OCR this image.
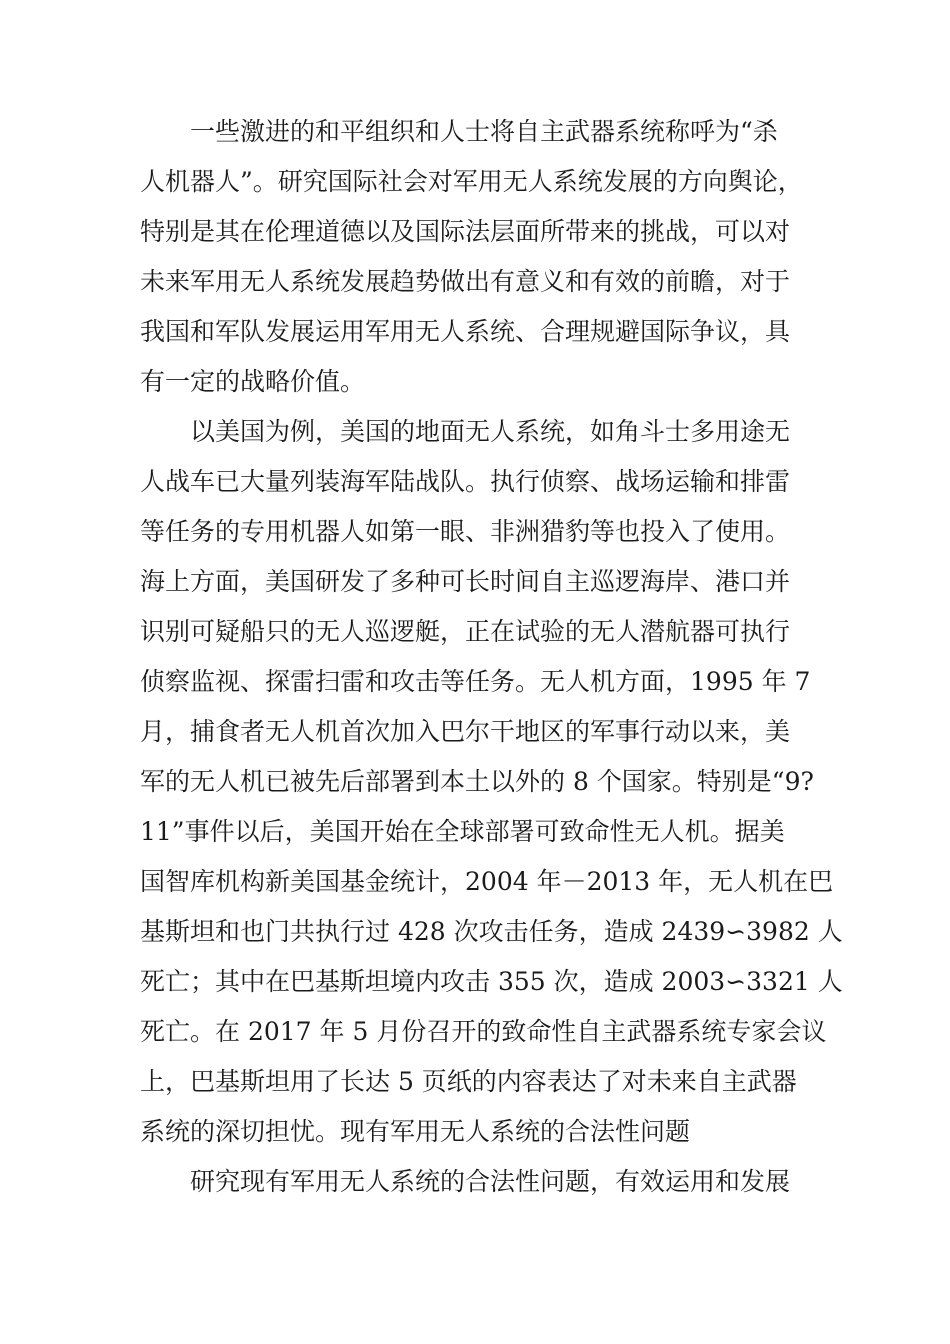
一些激进的和平组织和人士将自主武器系统称呼为“杀
人机器人”。研究国际社会对军用无人系统发展的方向舆论，
特别是其在伦理道德以及国际法层面所带来的挑战，可以对
未来军用无人系统发展趋势做出有意义和有效的前瞻，对于
我国和军队发展运用军用无人系统、合理规避国际争议，具
有一定的战略价值。
以美国为例，美国的地面无人系统，如角斗士多用途无
人战车已大量列装海军陆战队。执行侦察、战场运输和排雷
等任务的专用机器人如第一眼、非洲猎豹等也投入了使用。
海上方面，美国研发了多种可长时间自主巡逻海岸、港口并
识别可疑船只的无人巡逻艇，正在试验的无人潜航器可执行
侦察监视、探雷扫雷和攻击等任务。无人机方面，1995 年 7
月，捕食者无人机首次加入巴尔干地区的军事行动以来，美
军的无人机已被先后部署到本土以外的 8 个国家。特别是“9?
11”事件以后，美国开始在全球部署可致命性无人机。据美
国智库机构新美国基金统计，2004 年－2013 年，无人机在巴
基斯坦和也门共执行过 428 次攻击任务，造成 2439∽3982 人
死亡；其中在巴基斯坦境内攻击 355 次，造成 2003∽3321 人
死亡。在 2017 年 5 月份召开的致命性自主武器系统专家会议
上，巴基斯坦用了长达 5 页纸的内容表达了对未来自主武器
系统的深切担忧。现有军用无人系统的合法性问题
研究现有军用无人系统的合法性问题，有效运用和发展
